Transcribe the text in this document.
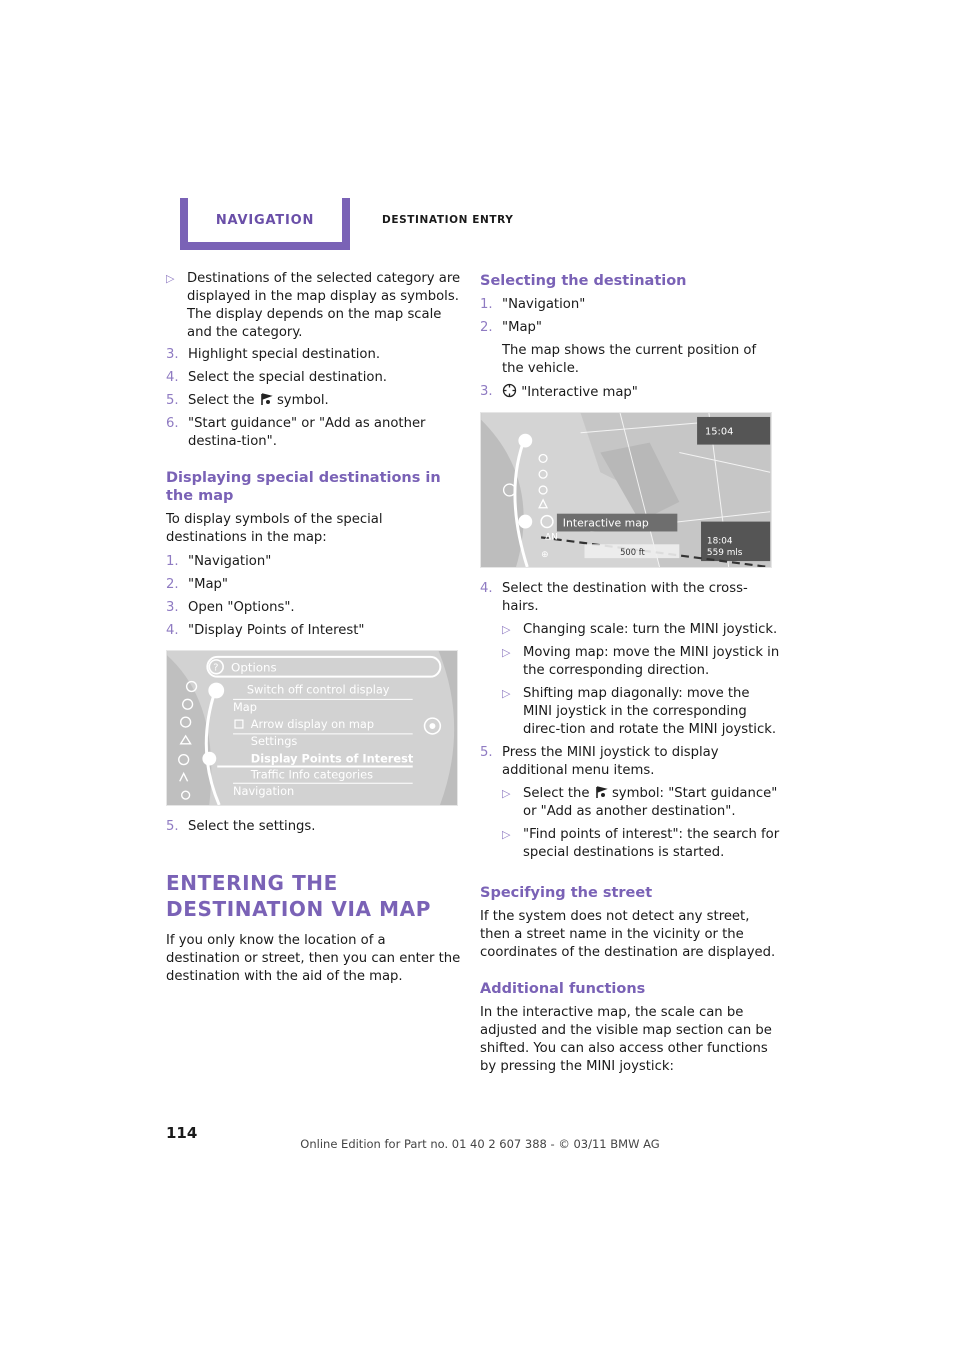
NAVIGATION	DESTINATION ENTRY
▷ Destinations of the selected category are displayed in the map display as symbols. The display depends on the map scale and the category.
3. Highlight special destination.
4. Select the special destination.
5. Select the symbol.
6. "Start guidance" or "Add as another destina-tion".
Displaying special destinations in the map

To display symbols of the special destinations in the map:

1. "Navigation"
2. "Map"
3. Open "Options".
4. "Display Points of Interest"
? Options
Switch off control display
Map
Arrow display on map
Settings
Display Points of Interest
Traffic Info categories
Navigation
5. Select the settings.
ENTERING THE DESTINATION VIA MAP

If you only know the location of a destination or street, then you can enter the destination with the aid of the map.

Selecting the destination
1. "Navigation"
2. "Map"

The map shows the current position of the vehicle.

3.	"Interactive map"
15:04
18:04
559 mls
Interactive map
500 ft
ΔN
⊕
4. Select the destination with the cross-hairs.
▷ Changing scale: turn the MINI joystick.
▷ Moving map: move the MINI joystick in the corresponding direction.
▷ Shifting map diagonally: move the MINI joystick in the corresponding direc-tion and rotate the MINI joystick.
5. Press the MINI joystick to display additional menu items.
▷ Select the symbol: "Start guidance" or "Add as another destination".
▷ "Find points of interest": the search for special destinations is started.
Specifying the street

If the system does not detect any street, then a street name in the vicinity or the coordinates of the destination are displayed.

Additional functions

In the interactive map, the scale can be adjusted and the visible map section can be shifted. You can also access other functions by pressing the MINI joystick:

114
Online Edition for Part no. 01 40 2 607 388 - © 03/11 BMW AG
